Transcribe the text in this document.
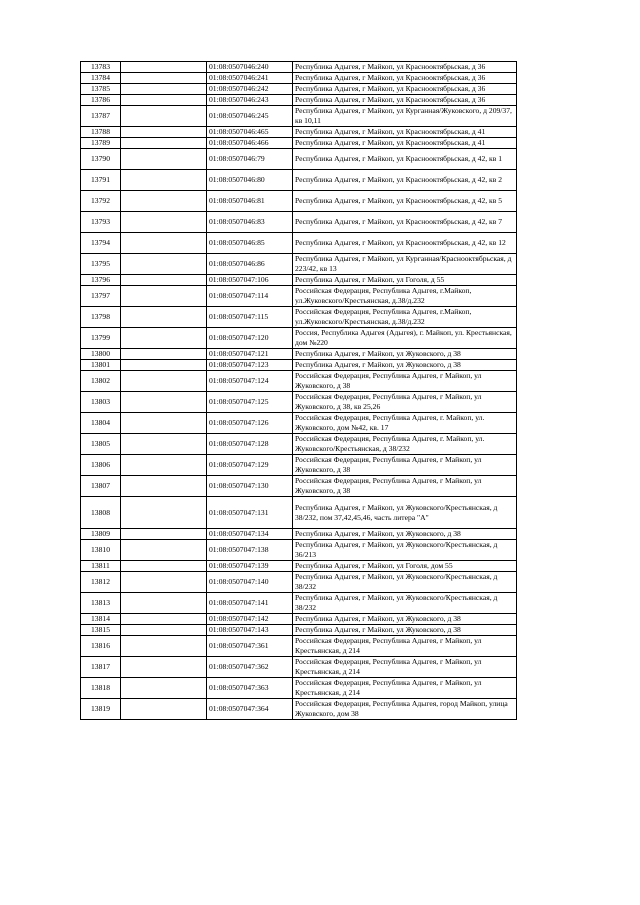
13783		01:08:0507046:240	Республика Адыгея, г Майкоп, ул Краснооктябрьская, д 36
13784		01:08:0507046:241	Республика Адыгея, г Майкоп, ул Краснооктябрьская, д 36
13785		01:08:0507046:242	Республика Адыгея, г Майкоп, ул Краснооктябрьская, д 36
13786		01:08:0507046:243	Республика Адыгея, г Майкоп, ул Краснооктябрьская, д 36
13787		01:08:0507046:245	Республика Адыгея, г Майкоп, ул Курганная/Жуковского, д 209/37, кв 10,11
13788		01:08:0507046:465	Республика Адыгея, г Майкоп, ул Краснооктябрьская, д 41
13789		01:08:0507046:466	Республика Адыгея, г Майкоп, ул Краснооктябрьская, д 41
13790		01:08:0507046:79	Республика Адыгея, г Майкоп, ул Краснооктябрьская, д 42, кв 1
13791		01:08:0507046:80	Республика Адыгея, г Майкоп, ул Краснооктябрьская, д 42, кв 2
13792		01:08:0507046:81	Республика Адыгея, г Майкоп, ул Краснооктябрьская, д 42, кв 5
13793		01:08:0507046:83	Республика Адыгея, г Майкоп, ул Краснооктябрьская, д 42, кв 7
13794		01:08:0507046:85	Республика Адыгея, г Майкоп, ул Краснооктябрьская, д 42, кв 12
13795		01:08:0507046:86	Республика Адыгея, г Майкоп, ул Курганная/Краснооктябрьская, д 223/42, кв 13
13796		01:08:0507047:106	Республика Адыгея, г Майкоп, ул Гоголя, д 55
13797		01:08:0507047:114	Российская Федерация, Республика Адыгея, г.Майкоп, ул.Жуковского/Крестьянская, д.38/д.232
13798		01:08:0507047:115	Российская Федерация, Республика Адыгея, г.Майкоп, ул.Жуковского/Крестьянская, д.38/д.232
13799		01:08:0507047:120	Россия, Республика Адыгея (Адыгея), г. Майкоп, ул. Крестьянская, дом №220
13800		01:08:0507047:121	Республика Адыгея, г Майкоп, ул Жуковского, д 38
13801		01:08:0507047:123	Республика Адыгея, г Майкоп, ул Жуковского, д 38
13802		01:08:0507047:124	Российская Федерация, Республика Адыгея, г Майкоп, ул Жуковского, д 38
13803		01:08:0507047:125	Российская Федерация, Республика Адыгея, г Майкоп, ул Жуковского, д 38, кв 25,26
13804		01:08:0507047:126	Российская Федерация, Республика Адыгея, г. Майкоп, ул. Жуковского, дом №42, кв. 17
13805		01:08:0507047:128	Российская Федерация, Республика Адыгея, г. Майкоп, ул. Жуковского/Крестьянская, д 38/232
13806		01:08:0507047:129	Российская Федерация, Республика Адыгея, г Майкоп, ул Жуковского, д 38
13807		01:08:0507047:130	Российская Федерация, Республика Адыгея, г Майкоп, ул Жуковского, д 38
13808		01:08:0507047:131	Республика Адыгея, г Майкоп, ул Жуковского/Крестьянская, д 38/232, пом 37,42,45,46, часть литера "А"
13809		01:08:0507047:134	Республика Адыгея, г Майкоп, ул Жуковского, д 38
13810		01:08:0507047:138	Республика Адыгея, г Майкоп, ул Жуковского/Крестьянская, д 36/213
13811		01:08:0507047:139	Республика Адыгея, г Майкоп, ул Гоголя, дом 55
13812		01:08:0507047:140	Республика Адыгея, г Майкоп, ул Жуковского/Крестьянская, д 38/232
13813		01:08:0507047:141	Республика Адыгея, г Майкоп, ул Жуковского/Крестьянская, д 38/232
13814		01:08:0507047:142	Республика Адыгея, г Майкоп, ул Жуковского, д 38
13815		01:08:0507047:143	Республика Адыгея, г Майкоп, ул Жуковского, д 38
13816		01:08:0507047:361	Российская Федерация, Республика Адыгея, г Майкоп, ул Крестьянская, д 214
13817		01:08:0507047:362	Российская Федерация, Республика Адыгея, г Майкоп, ул Крестьянская, д 214
13818		01:08:0507047:363	Российская Федерация, Республика Адыгея, г Майкоп, ул Крестьянская, д 214
13819		01:08:0507047:364	Российская Федерация, Республика Адыгея, город Майкоп, улица Жуковского, дом 38
